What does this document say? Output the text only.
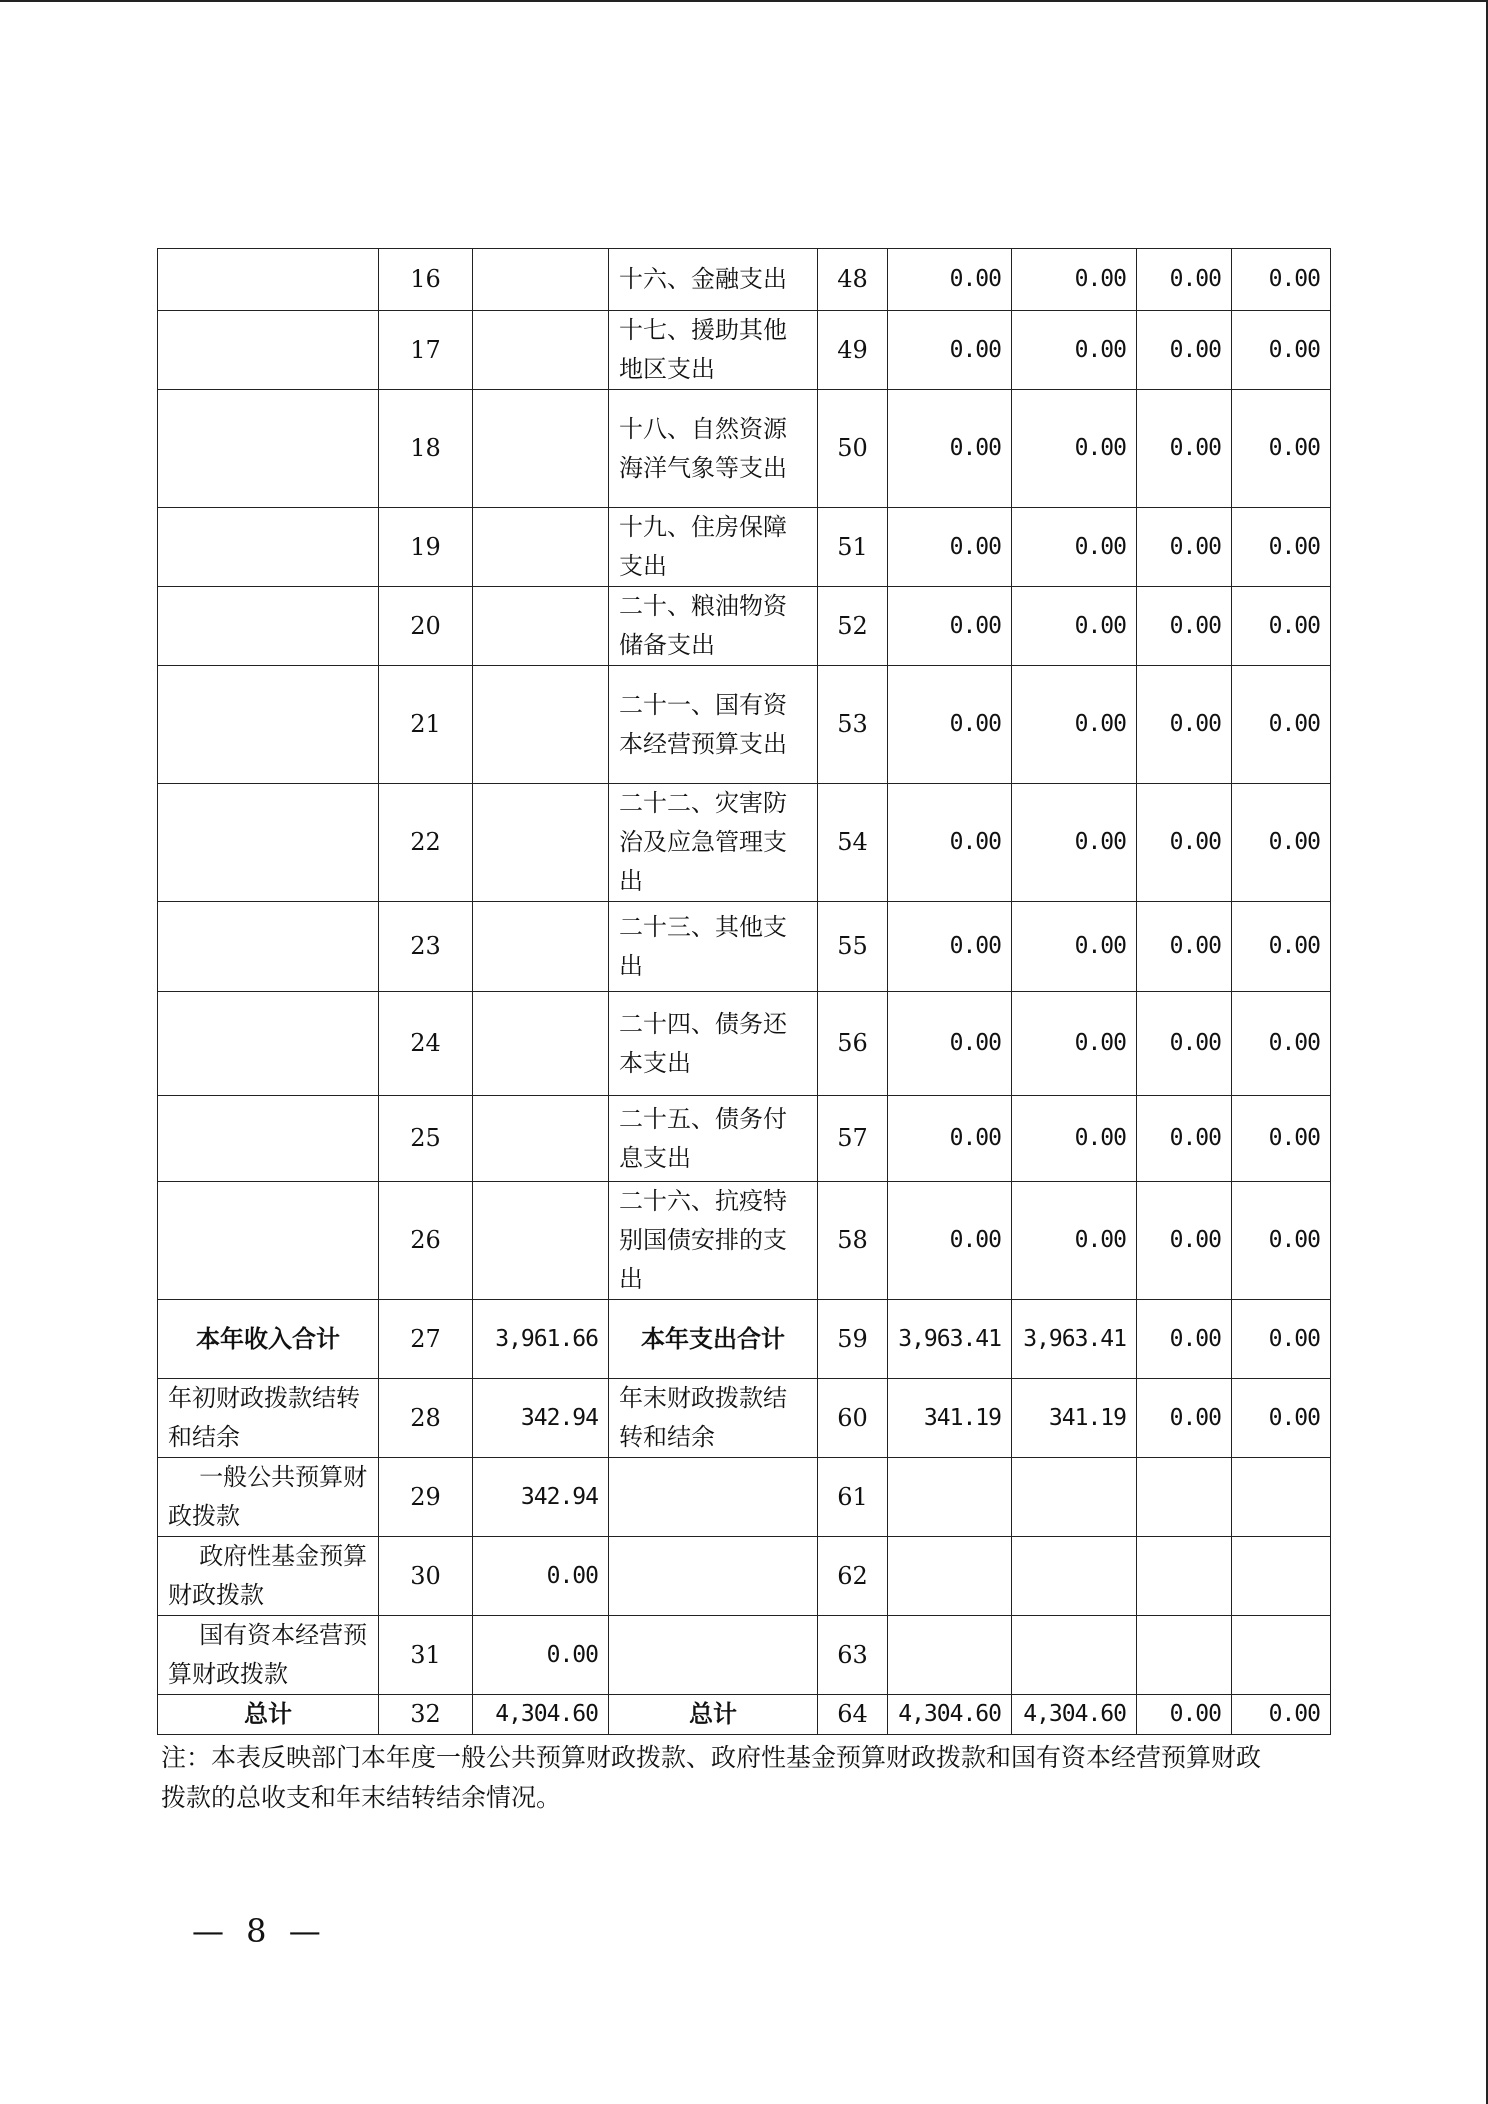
	16		十六、金融支出	48	0.00	0.00	0.00	0.00
	17		十七、援助其他地区支出	49	0.00	0.00	0.00	0.00
	18		十八、自然资源海洋气象等支出	50	0.00	0.00	0.00	0.00
	19		十九、住房保障支出	51	0.00	0.00	0.00	0.00
	20		二十、粮油物资储备支出	52	0.00	0.00	0.00	0.00
	21		二十一、国有资本经营预算支出	53	0.00	0.00	0.00	0.00
	22		二十二、灾害防治及应急管理支出	54	0.00	0.00	0.00	0.00
	23		二十三、其他支出	55	0.00	0.00	0.00	0.00
	24		二十四、债务还本支出	56	0.00	0.00	0.00	0.00
	25		二十五、债务付息支出	57	0.00	0.00	0.00	0.00
	26		二十六、抗疫特别国债安排的支出	58	0.00	0.00	0.00	0.00
本年收入合计	27	3,961.66	本年支出合计	59	3,963.41	3,963.41	0.00	0.00
年初财政拨款结转和结余	28	342.94	年末财政拨款结转和结余	60	341.19	341.19	0.00	0.00
一般公共预算财政拨款	29	342.94		61				
政府性基金预算财政拨款	30	0.00		62				
国有资本经营预算财政拨款	31	0.00		63				
总计	32	4,304.60	总计	64	4,304.60	4,304.60	0.00	0.00
注：本表反映部门本年度一般公共预算财政拨款、政府性基金预算财政拨款和国有资本经营预算财政拨款的总收支和年末结转结余情况。
— 8 —
